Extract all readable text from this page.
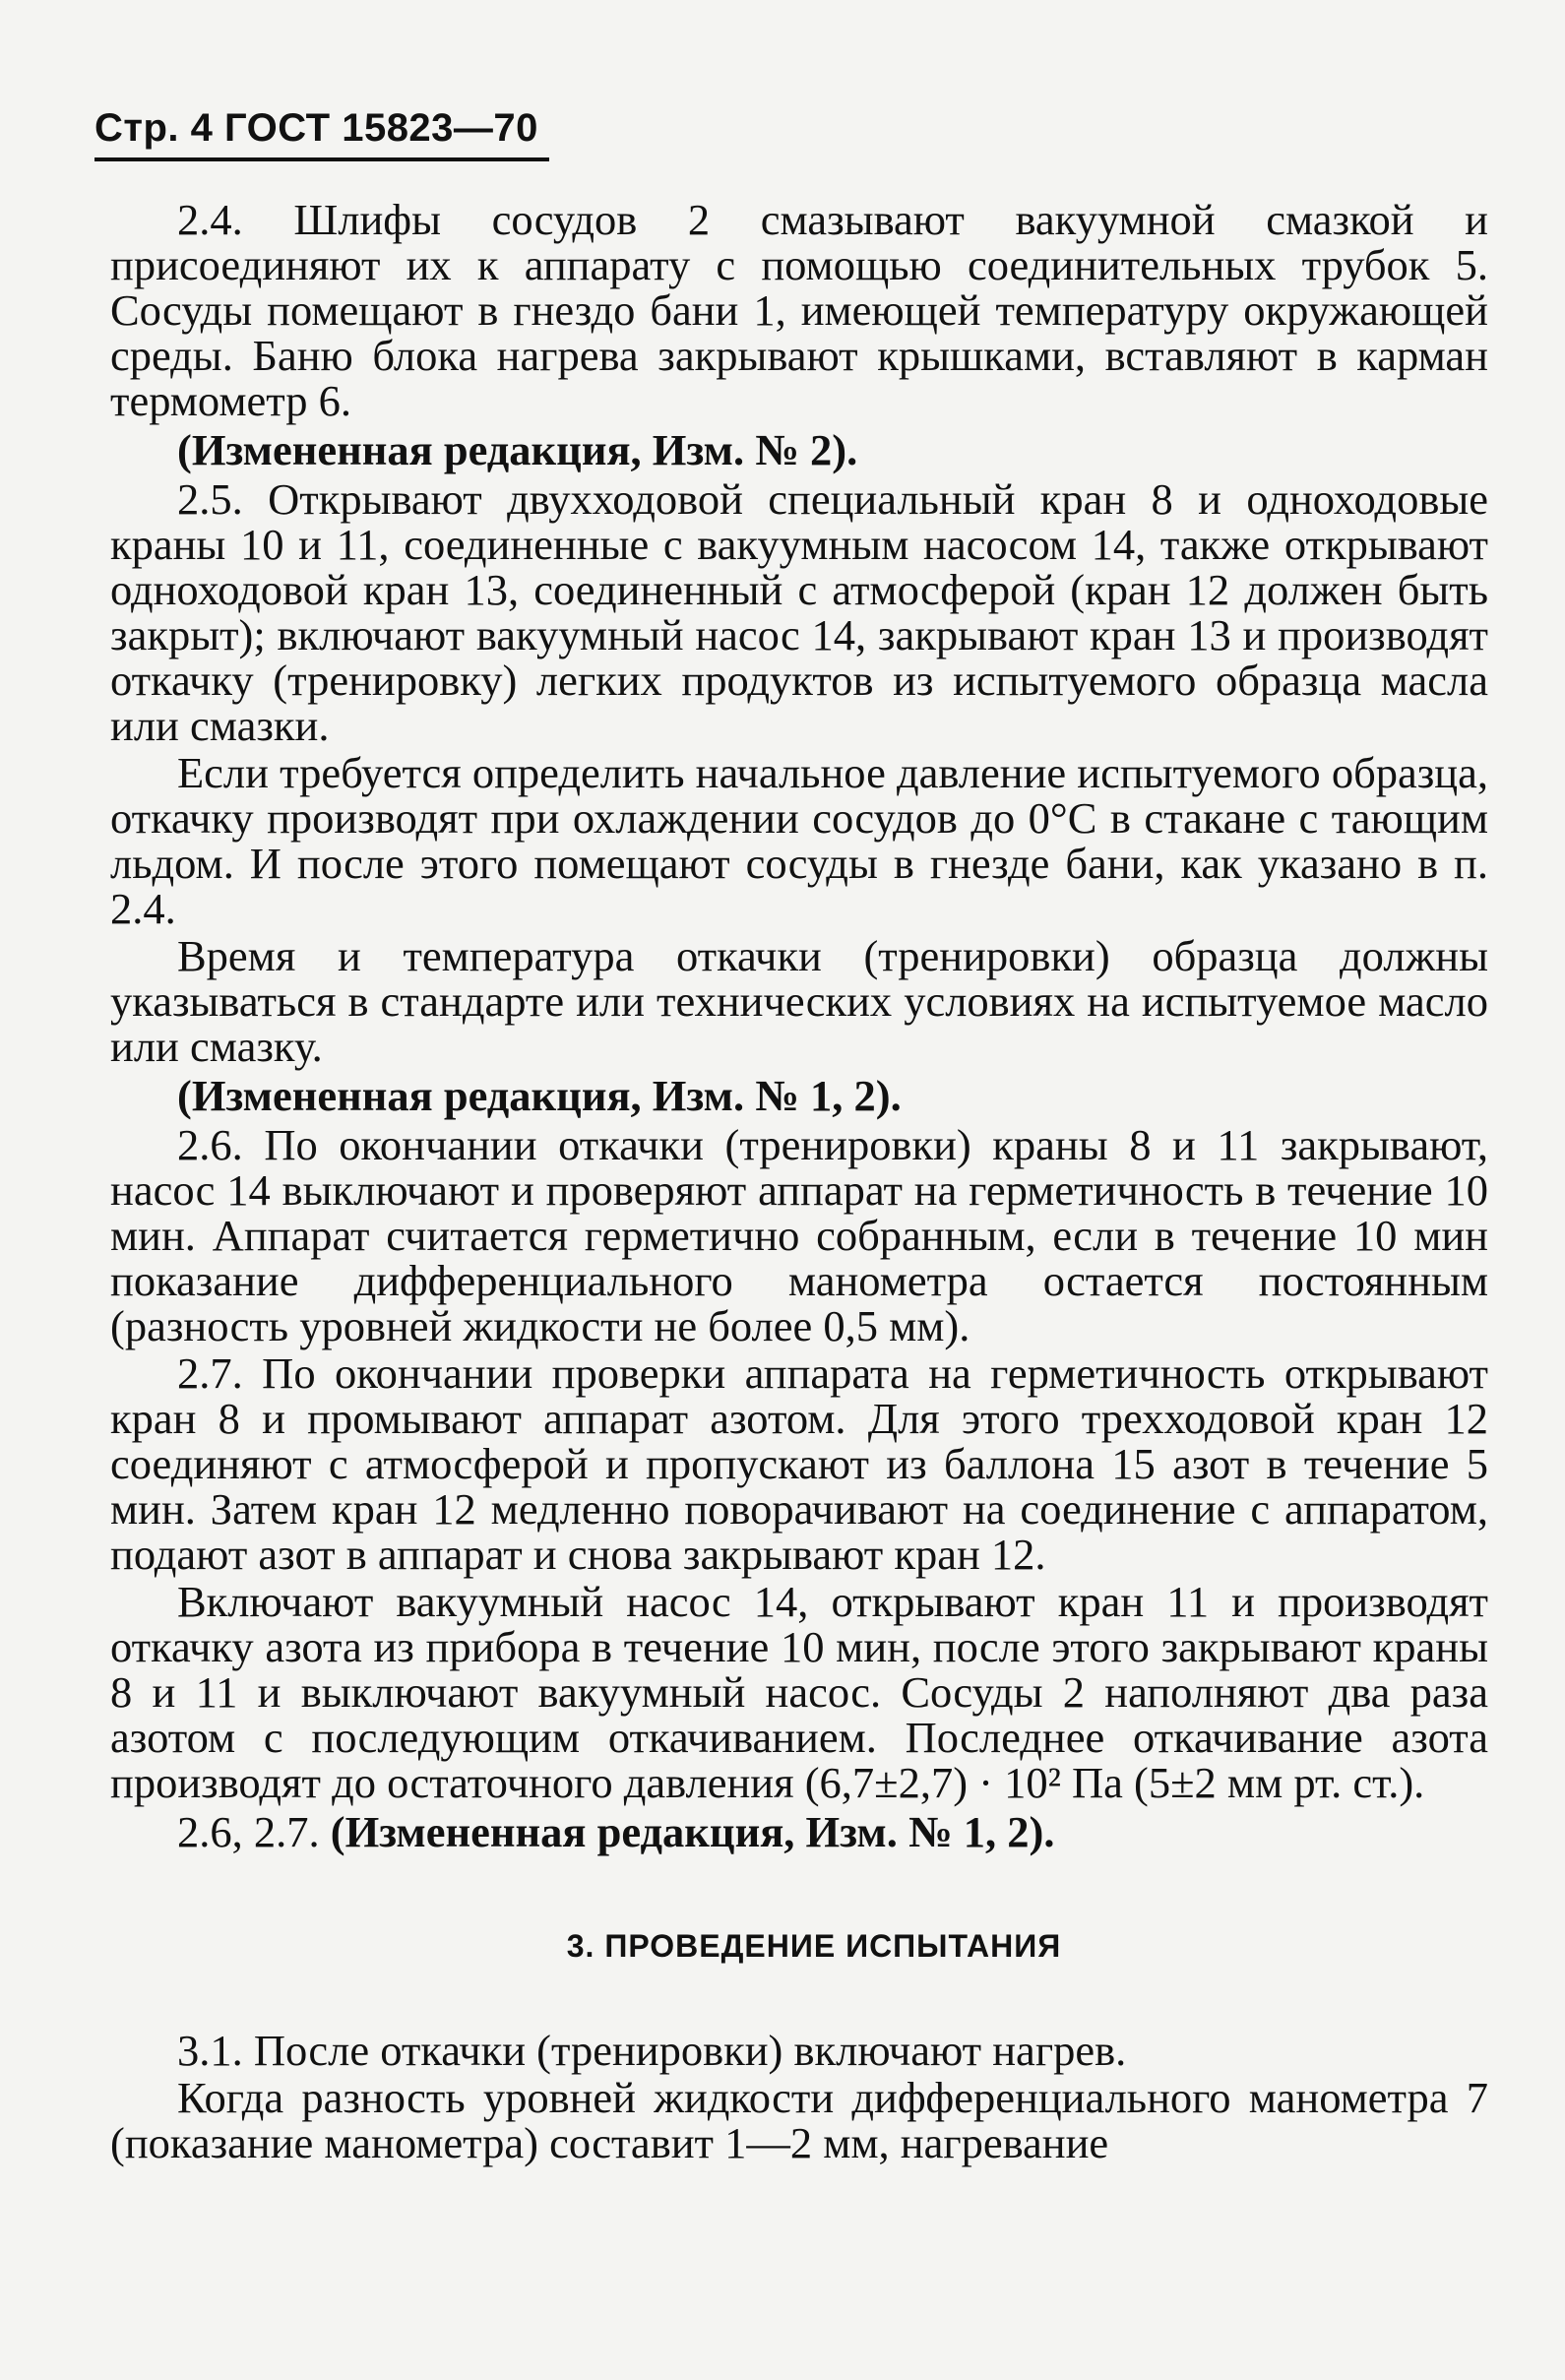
Стр. 4 ГОСТ 15823—70

2.4. Шлифы сосудов 2 смазывают вакуумной смазкой и присоединяют их к аппарату с помощью соединительных трубок 5. Сосуды помещают в гнездо бани 1, имеющей температуру окружающей среды. Баню блока нагрева закрывают крышками, вставляют в карман термометр 6.

(Измененная редакция, Изм. № 2).

2.5. Открывают двухходовой специальный кран 8 и одноходовые краны 10 и 11, соединенные с вакуумным насосом 14, также открывают одноходовой кран 13, соединенный с атмосферой (кран 12 должен быть закрыт); включают вакуумный насос 14, закрывают кран 13 и производят откачку (тренировку) легких продуктов из испытуемого образца масла или смазки.

Если требуется определить начальное давление испытуемого образца, откачку производят при охлаждении сосудов до 0°С в стакане с тающим льдом. И после этого помещают сосуды в гнезде бани, как указано в п. 2.4.

Время и температура откачки (тренировки) образца должны указываться в стандарте или технических условиях на испытуемое масло или смазку.

(Измененная редакция, Изм. № 1, 2).

2.6. По окончании откачки (тренировки) краны 8 и 11 закрывают, насос 14 выключают и проверяют аппарат на герметичность в течение 10 мин. Аппарат считается герметично собранным, если в течение 10 мин показание дифференциального манометра остается постоянным (разность уровней жидкости не более 0,5 мм).

2.7. По окончании проверки аппарата на герметичность открывают кран 8 и промывают аппарат азотом. Для этого трехходовой кран 12 соединяют с атмосферой и пропускают из баллона 15 азот в течение 5 мин. Затем кран 12 медленно поворачивают на соединение с аппаратом, подают азот в аппарат и снова закрывают кран 12.

Включают вакуумный насос 14, открывают кран 11 и производят откачку азота из прибора в течение 10 мин, после этого закрывают краны 8 и 11 и выключают вакуумный насос. Сосуды 2 наполняют два раза азотом с последующим откачиванием. Последнее откачивание азота производят до остаточного давления (6,7±2,7) · 10² Па (5±2 мм рт. ст.).

2.6, 2.7. (Измененная редакция, Изм. № 1, 2).

3. ПРОВЕДЕНИЕ ИСПЫТАНИЯ

3.1. После откачки (тренировки) включают нагрев.

Когда разность уровней жидкости дифференциального манометра 7 (показание манометра) составит 1—2 мм, нагревание
